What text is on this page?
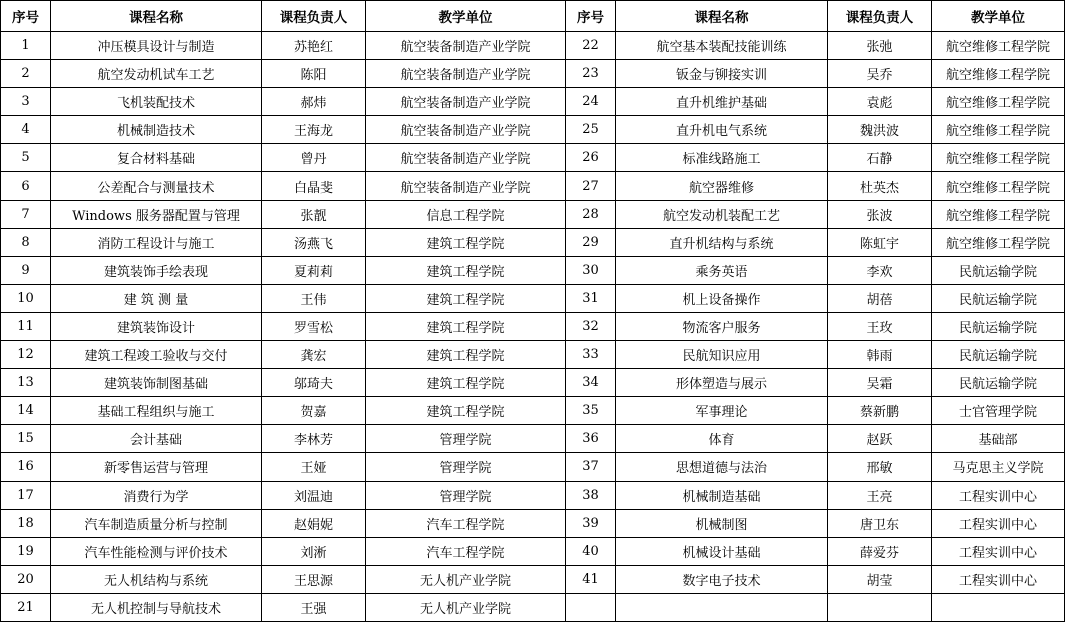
序号	课程名称	课程负责人	教学单位	序号	课程名称	课程负责人	教学单位
1	冲压模具设计与制造	苏艳红	航空装备制造产业学院	22	航空基本装配技能训练	张弛	航空维修工程学院
2	航空发动机试车工艺	陈阳	航空装备制造产业学院	23	钣金与铆接实训	吴乔	航空维修工程学院
3	飞机装配技术	郝炜	航空装备制造产业学院	24	直升机维护基础	袁彪	航空维修工程学院
4	机械制造技术	王海龙	航空装备制造产业学院	25	直升机电气系统	魏洪波	航空维修工程学院
5	复合材料基础	曾丹	航空装备制造产业学院	26	标准线路施工	石静	航空维修工程学院
6	公差配合与测量技术	白晶斐	航空装备制造产业学院	27	航空器维修	杜英杰	航空维修工程学院
7	Windows 服务器配置与管理	张靓	信息工程学院	28	航空发动机装配工艺	张波	航空维修工程学院
8	消防工程设计与施工	汤燕飞	建筑工程学院	29	直升机结构与系统	陈虹宇	航空维修工程学院
9	建筑装饰手绘表现	夏莉莉	建筑工程学院	30	乘务英语	李欢	民航运输学院
10	建 筑 测 量	王伟	建筑工程学院	31	机上设备操作	胡蓓	民航运输学院
11	建筑装饰设计	罗雪松	建筑工程学院	32	物流客户服务	王玫	民航运输学院
12	建筑工程竣工验收与交付	龚宏	建筑工程学院	33	民航知识应用	韩雨	民航运输学院
13	建筑装饰制图基础	邬琦夫	建筑工程学院	34	形体塑造与展示	吴霜	民航运输学院
14	基础工程组织与施工	贺嘉	建筑工程学院	35	军事理论	蔡新鹏	士官管理学院
15	会计基础	李林芳	管理学院	36	体育	赵跃	基础部
16	新零售运营与管理	王娅	管理学院	37	思想道德与法治	邢敏	马克思主义学院
17	消费行为学	刘温迪	管理学院	38	机械制造基础	王亮	工程实训中心
18	汽车制造质量分析与控制	赵娟妮	汽车工程学院	39	机械制图	唐卫东	工程实训中心
19	汽车性能检测与评价技术	刘淅	汽车工程学院	40	机械设计基础	薛爱芬	工程实训中心
20	无人机结构与系统	王思源	无人机产业学院	41	数字电子技术	胡莹	工程实训中心
21	无人机控制与导航技术	王强	无人机产业学院				
